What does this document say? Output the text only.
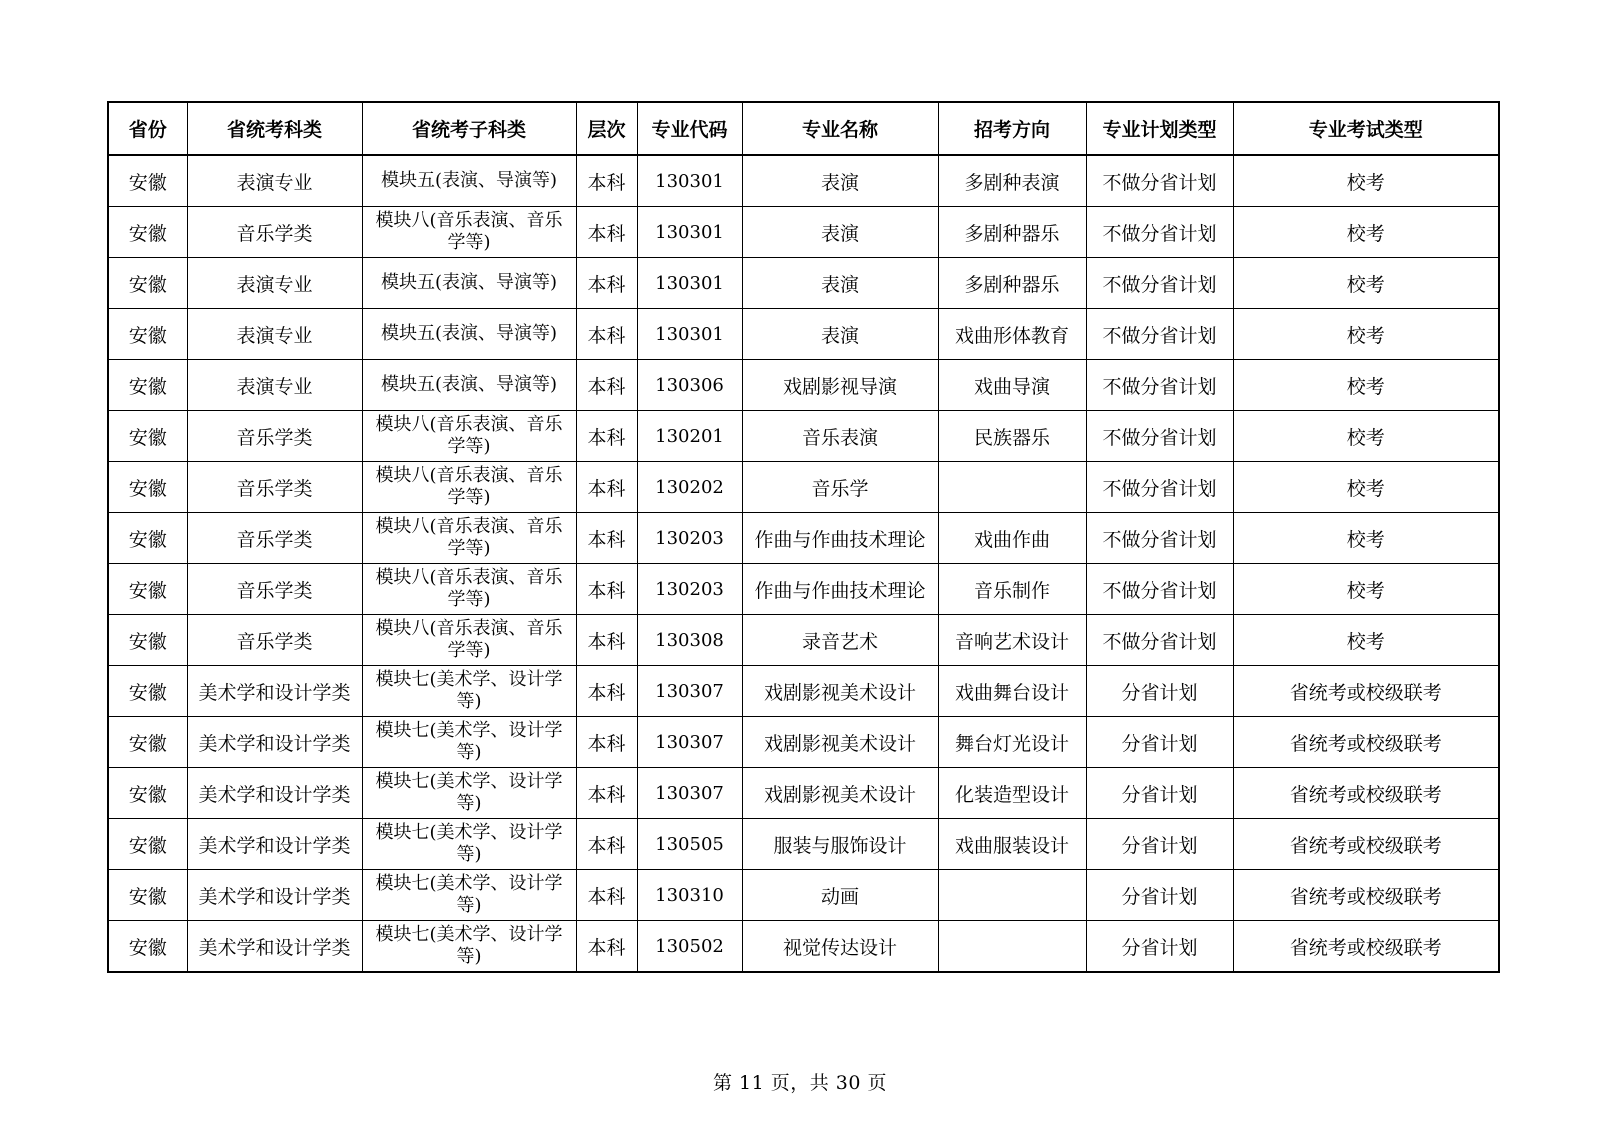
省份	省统考科类	省统考子科类	层次	专业代码	专业名称	招考方向	专业计划类型	专业考试类型
安徽	表演专业	模块五(表演、导演等)	本科	130301	表演	多剧种表演	不做分省计划	校考
安徽	音乐学类	模块八(音乐表演、音乐学等)	本科	130301	表演	多剧种器乐	不做分省计划	校考
安徽	表演专业	模块五(表演、导演等)	本科	130301	表演	多剧种器乐	不做分省计划	校考
安徽	表演专业	模块五(表演、导演等)	本科	130301	表演	戏曲形体教育	不做分省计划	校考
安徽	表演专业	模块五(表演、导演等)	本科	130306	戏剧影视导演	戏曲导演	不做分省计划	校考
安徽	音乐学类	模块八(音乐表演、音乐学等)	本科	130201	音乐表演	民族器乐	不做分省计划	校考
安徽	音乐学类	模块八(音乐表演、音乐学等)	本科	130202	音乐学		不做分省计划	校考
安徽	音乐学类	模块八(音乐表演、音乐学等)	本科	130203	作曲与作曲技术理论	戏曲作曲	不做分省计划	校考
安徽	音乐学类	模块八(音乐表演、音乐学等)	本科	130203	作曲与作曲技术理论	音乐制作	不做分省计划	校考
安徽	音乐学类	模块八(音乐表演、音乐学等)	本科	130308	录音艺术	音响艺术设计	不做分省计划	校考
安徽	美术学和设计学类	模块七(美术学、设计学等)	本科	130307	戏剧影视美术设计	戏曲舞台设计	分省计划	省统考或校级联考
安徽	美术学和设计学类	模块七(美术学、设计学等)	本科	130307	戏剧影视美术设计	舞台灯光设计	分省计划	省统考或校级联考
安徽	美术学和设计学类	模块七(美术学、设计学等)	本科	130307	戏剧影视美术设计	化装造型设计	分省计划	省统考或校级联考
安徽	美术学和设计学类	模块七(美术学、设计学等)	本科	130505	服装与服饰设计	戏曲服装设计	分省计划	省统考或校级联考
安徽	美术学和设计学类	模块七(美术学、设计学等)	本科	130310	动画		分省计划	省统考或校级联考
安徽	美术学和设计学类	模块七(美术学、设计学等)	本科	130502	视觉传达设计		分省计划	省统考或校级联考
第 11 页，共 30 页
